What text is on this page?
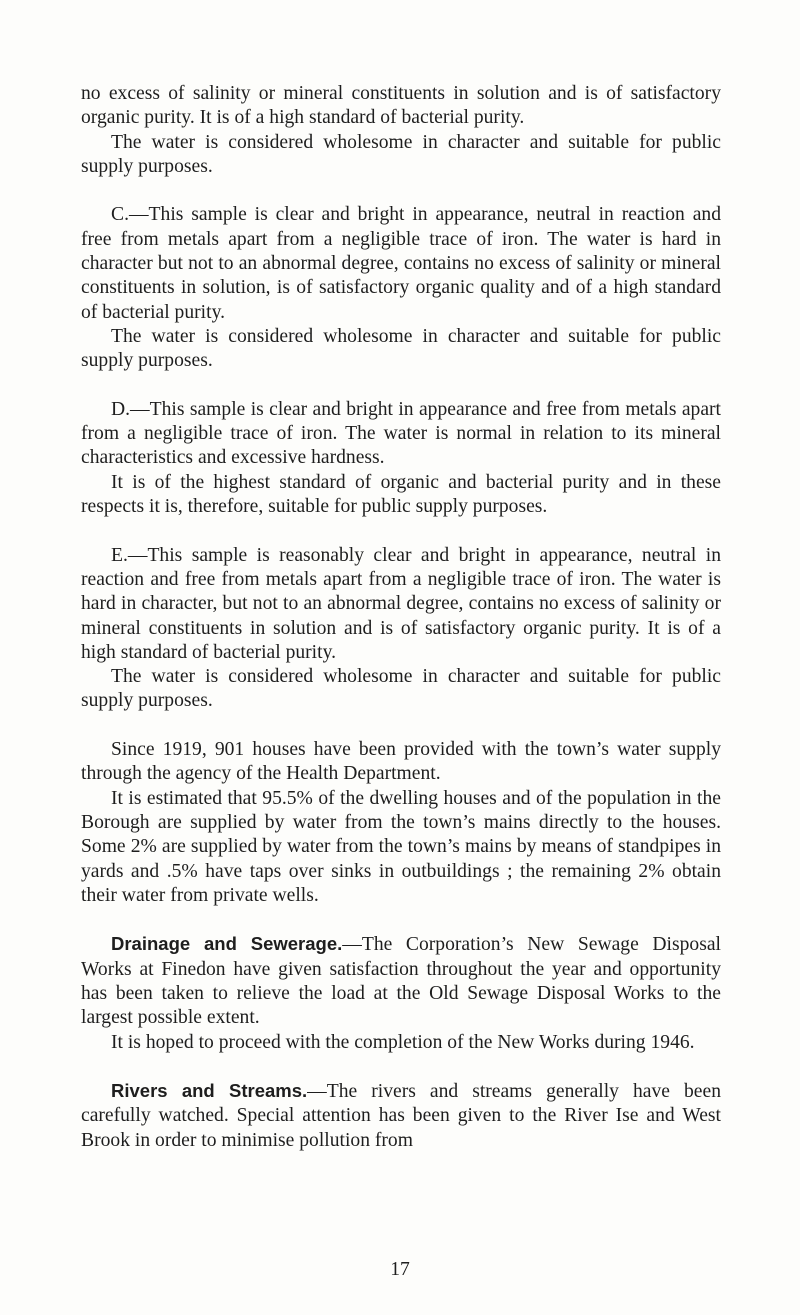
no excess of salinity or mineral constituents in solution and is of satisfactory organic purity. It is of a high standard of bacterial purity.

The water is considered wholesome in character and suitable for public supply purposes.

C.—This sample is clear and bright in appearance, neutral in reaction and free from metals apart from a negligible trace of iron. The water is hard in character but not to an abnormal degree, contains no excess of salinity or mineral constituents in solution, is of satisfactory organic quality and of a high standard of bacterial purity.

The water is considered wholesome in character and suitable for public supply purposes.

D.—This sample is clear and bright in appearance and free from metals apart from a negligible trace of iron. The water is normal in relation to its mineral characteristics and excessive hardness.

It is of the highest standard of organic and bacterial purity and in these respects it is, therefore, suitable for public supply purposes.

E.—This sample is reasonably clear and bright in appearance, neutral in reaction and free from metals apart from a negligible trace of iron. The water is hard in character, but not to an abnormal degree, contains no excess of salinity or mineral constituents in solution and is of satisfactory organic purity. It is of a high standard of bacterial purity.

The water is considered wholesome in character and suitable for public supply purposes.

Since 1919, 901 houses have been provided with the town’s water supply through the agency of the Health Department.

It is estimated that 95.5% of the dwelling houses and of the population in the Borough are supplied by water from the town’s mains directly to the houses. Some 2% are supplied by water from the town’s mains by means of standpipes in yards and .5% have taps over sinks in outbuildings ; the remaining 2% obtain their water from private wells.

Drainage and Sewerage.—The Corporation’s New Sewage Disposal Works at Finedon have given satisfaction throughout the year and opportunity has been taken to relieve the load at the Old Sewage Disposal Works to the largest possible extent.

It is hoped to proceed with the completion of the New Works during 1946.

Rivers and Streams.—The rivers and streams generally have been carefully watched. Special attention has been given to the River Ise and West Brook in order to minimise pollution from

17
